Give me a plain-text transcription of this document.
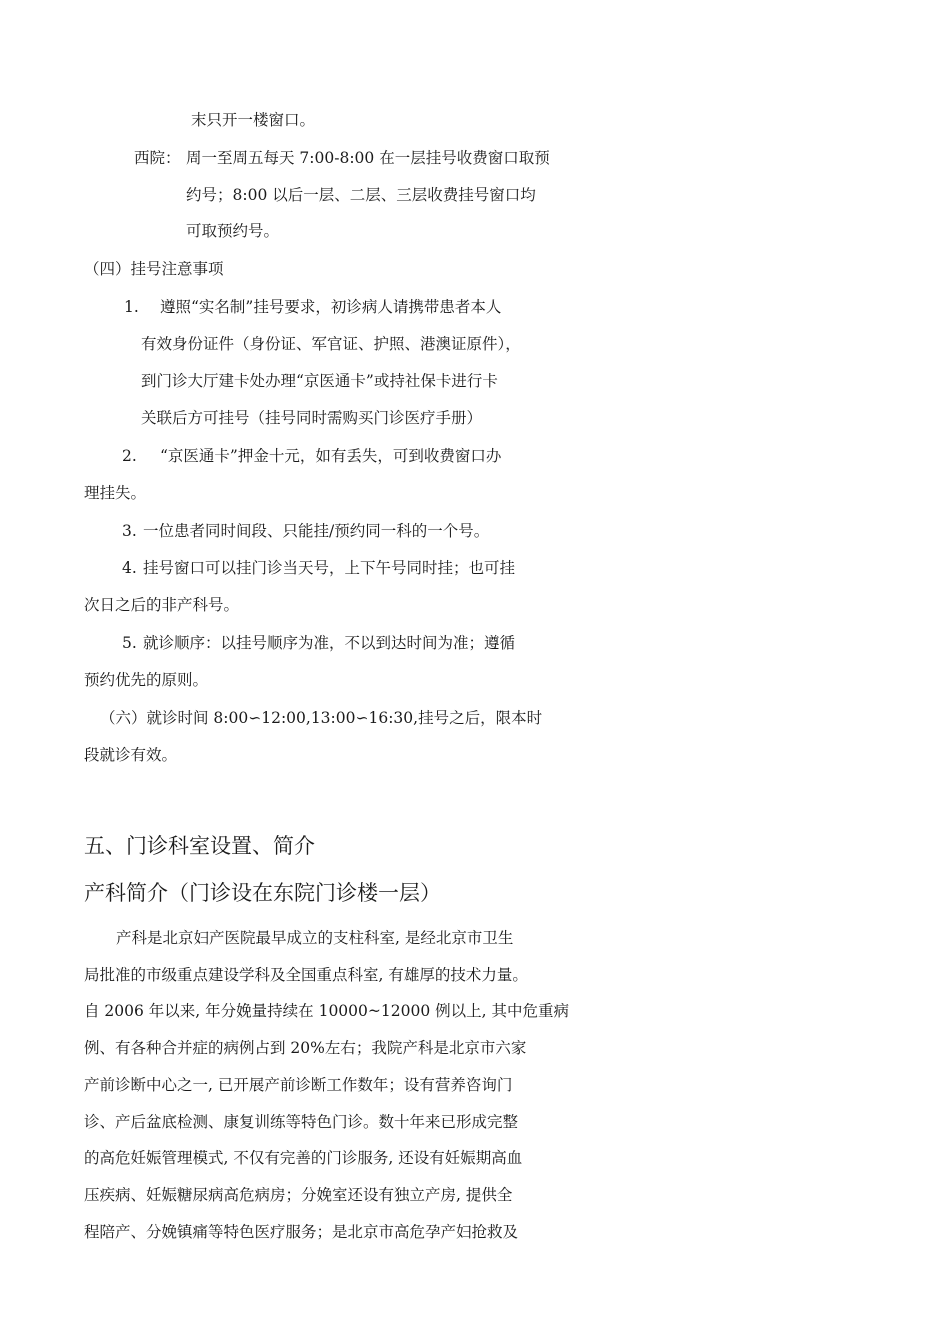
末只开一楼窗口。
西院： 周一至周五每天 7:00-8:00 在一层挂号收费窗口取预
约号；8:00 以后一层、二层、三层收费挂号窗口均
可取预约号。
（四）挂号注意事项
1. 遵照“实名制”挂号要求，初诊病人请携带患者本人
有效身份证件（身份证、军官证、护照、港澳证原件），
到门诊大厅建卡处办理“京医通卡”或持社保卡进行卡
关联后方可挂号（挂号同时需购买门诊医疗手册）
2. “京医通卡”押金十元，如有丢失，可到收费窗口办
理挂失。
3. 一位患者同时间段、只能挂/预约同一科的一个号。
4. 挂号窗口可以挂门诊当天号，上下午号同时挂；也可挂
次日之后的非产科号。
5. 就诊顺序：以挂号顺序为准，不以到达时间为准；遵循
预约优先的原则。
（六）就诊时间 8:00∽12:00,13:00∽16:30,挂号之后，限本时
段就诊有效。
五、门诊科室设置、简介
产科简介（门诊设在东院门诊楼一层）
产科是北京妇产医院最早成立的支柱科室, 是经北京市卫生
局批准的市级重点建设学科及全国重点科室, 有雄厚的技术力量。
自 2006 年以来, 年分娩量持续在 10000~12000 例以上, 其中危重病
例、有各种合并症的病例占到 20%左右；我院产科是北京市六家
产前诊断中心之一, 已开展产前诊断工作数年；设有营养咨询门
诊、产后盆底检测、康复训练等特色门诊。数十年来已形成完整
的高危妊娠管理模式, 不仅有完善的门诊服务, 还设有妊娠期高血
压疾病、妊娠糖尿病高危病房；分娩室还设有独立产房, 提供全
程陪产、分娩镇痛等特色医疗服务；是北京市高危孕产妇抢救及
